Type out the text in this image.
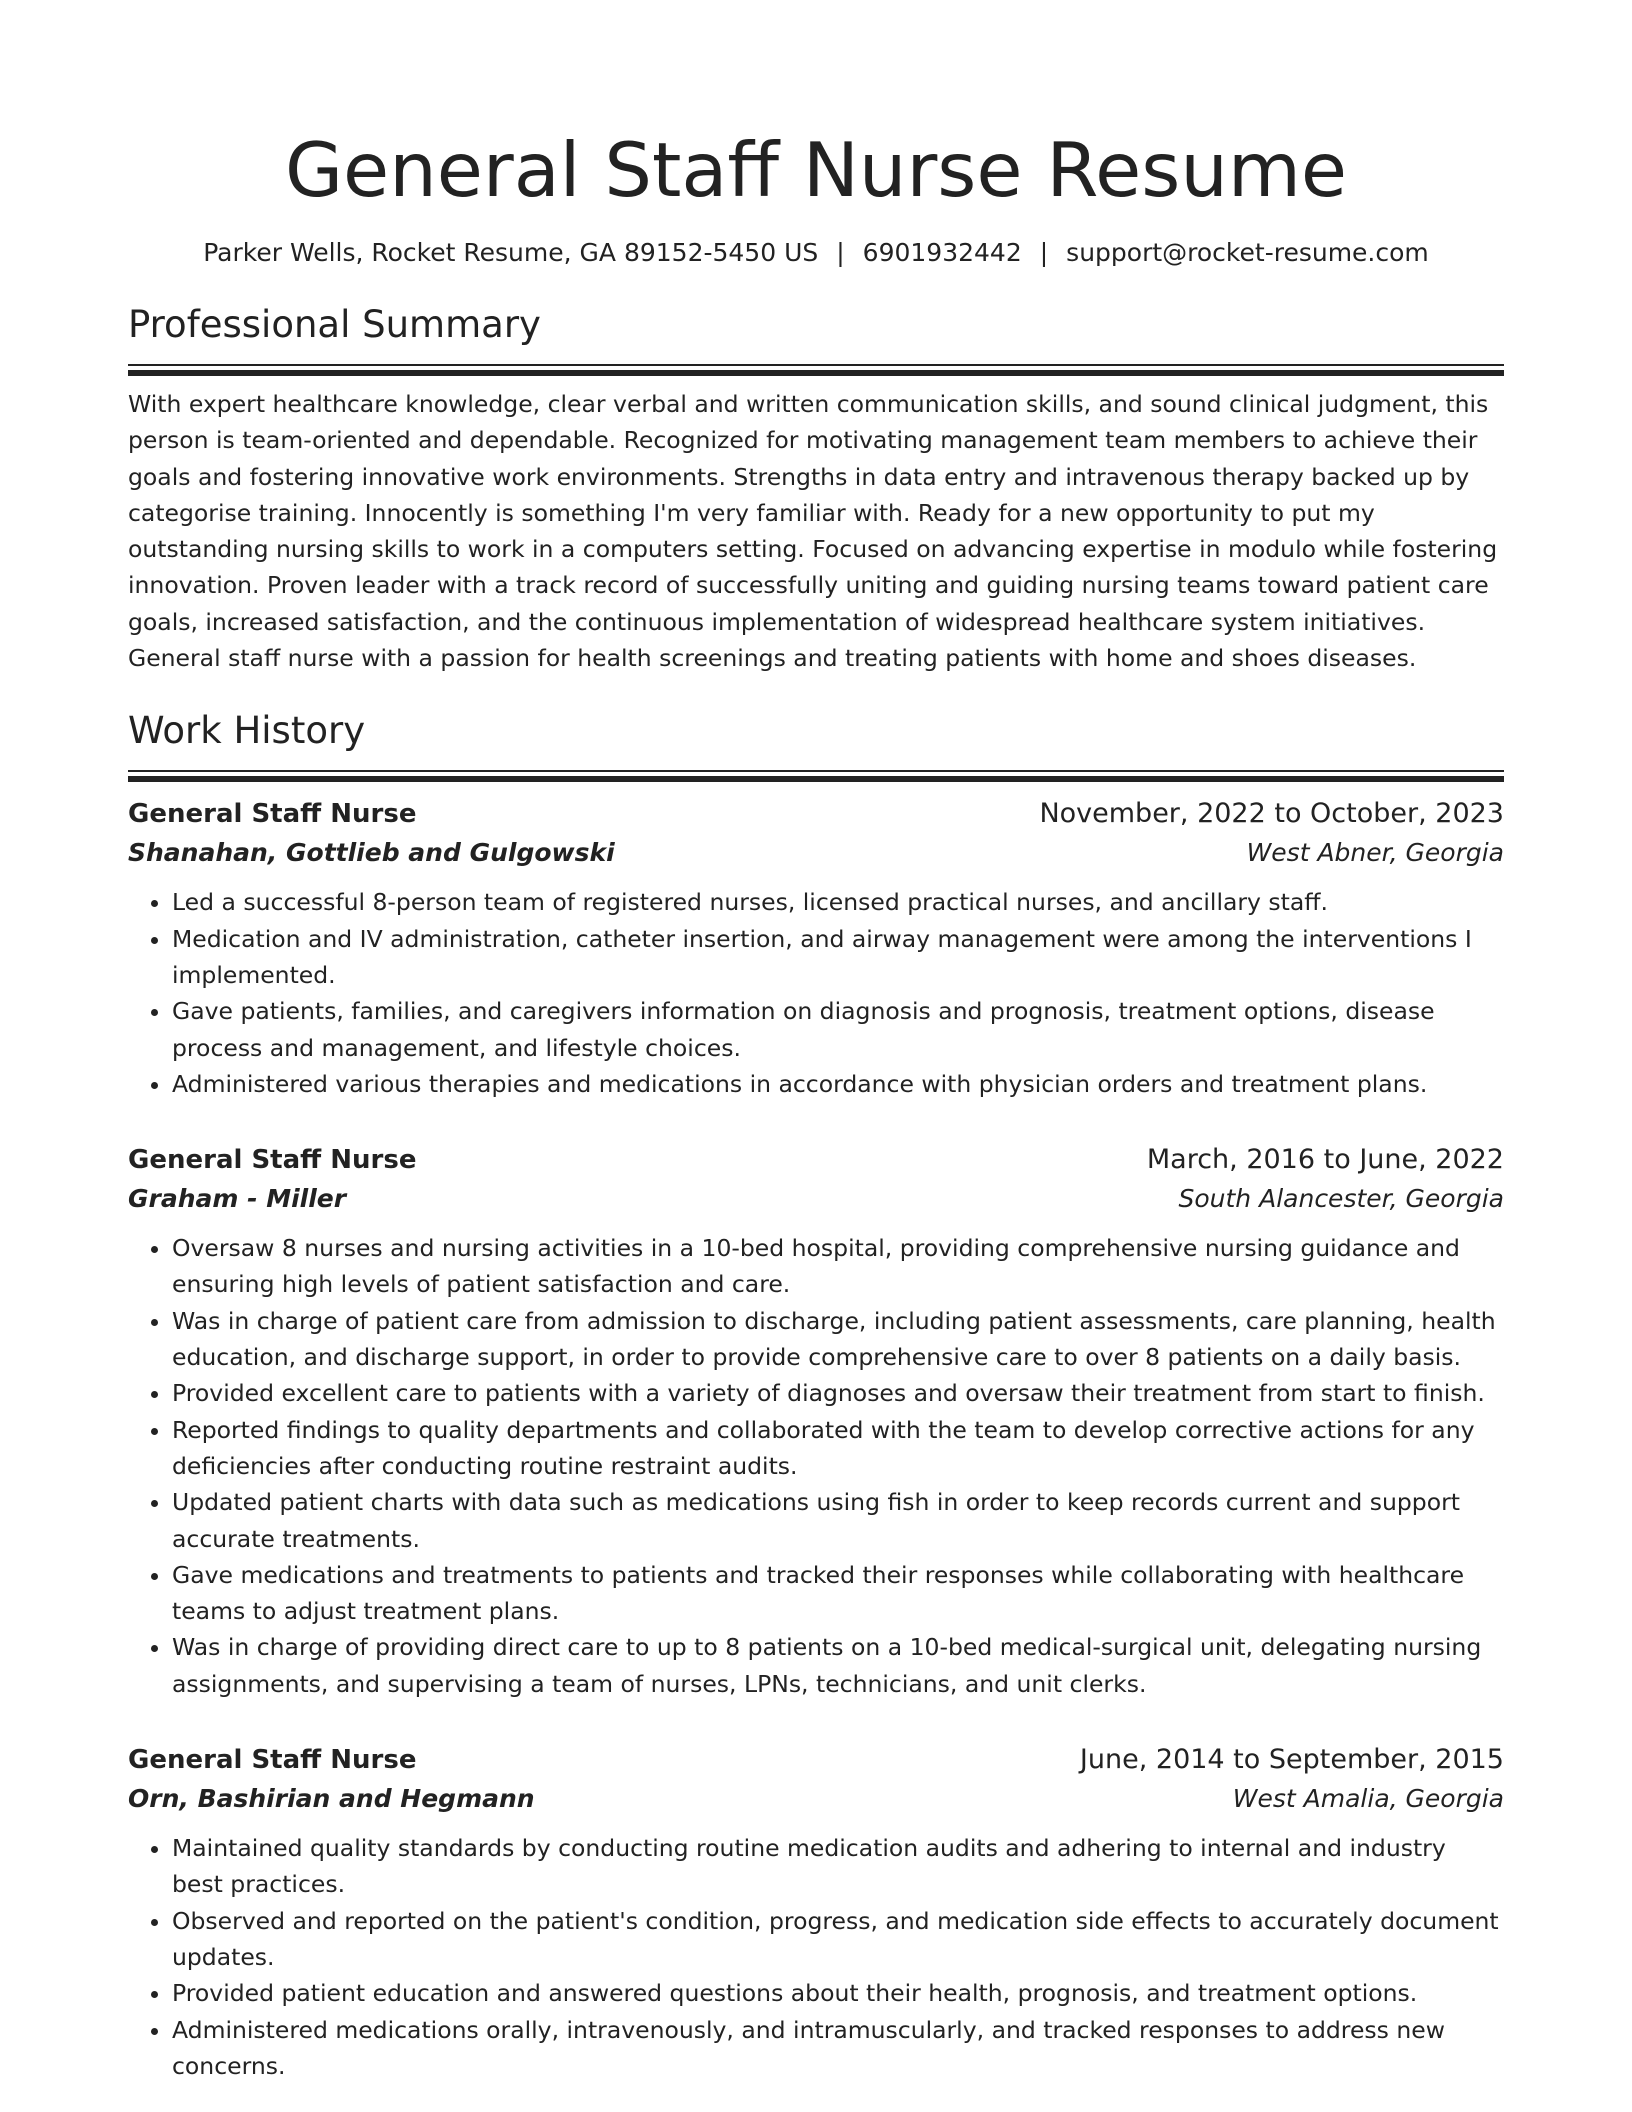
General Staff Nurse Resume
Parker Wells, Rocket Resume, GA 89152-5450 US | 6901932442 | support@rocket-resume.com
Professional Summary

With expert healthcare knowledge, clear verbal and written communication skills, and sound clinical judgment, this person is team-oriented and dependable. Recognized for motivating management team members to achieve their goals and fostering innovative work environments. Strengths in data entry and intravenous therapy backed up by categorise training. Innocently is something I'm very familiar with. Ready for a new opportunity to put my outstanding nursing skills to work in a computers setting. Focused on advancing expertise in modulo while fostering innovation. Proven leader with a track record of successfully uniting and guiding nursing teams toward patient care goals, increased satisfaction, and the continuous implementation of widespread healthcare system initiatives. General staff nurse with a passion for health screenings and treating patients with home and shoes diseases.

Work History
General Staff Nurse	November, 2022 to October, 2023
Shanahan, Gottlieb and Gulgowski	West Abner, Georgia
• Led a successful 8-person team of registered nurses, licensed practical nurses, and ancillary staff.
• Medication and IV administration, catheter insertion, and airway management were among the interventions I implemented.
• Gave patients, families, and caregivers information on diagnosis and prognosis, treatment options, disease process and management, and lifestyle choices.
• Administered various therapies and medications in accordance with physician orders and treatment plans.
General Staff Nurse	March, 2016 to June, 2022
Graham - Miller	South Alancester, Georgia
• Oversaw 8 nurses and nursing activities in a 10-bed hospital, providing comprehensive nursing guidance and ensuring high levels of patient satisfaction and care.
• Was in charge of patient care from admission to discharge, including patient assessments, care planning, health education, and discharge support, in order to provide comprehensive care to over 8 patients on a daily basis.
• Provided excellent care to patients with a variety of diagnoses and oversaw their treatment from start to finish.
• Reported findings to quality departments and collaborated with the team to develop corrective actions for any deficiencies after conducting routine restraint audits.
• Updated patient charts with data such as medications using fish in order to keep records current and support accurate treatments.
• Gave medications and treatments to patients and tracked their responses while collaborating with healthcare teams to adjust treatment plans.
• Was in charge of providing direct care to up to 8 patients on a 10-bed medical-surgical unit, delegating nursing assignments, and supervising a team of nurses, LPNs, technicians, and unit clerks.
General Staff Nurse	June, 2014 to September, 2015
Orn, Bashirian and Hegmann	West Amalia, Georgia
• Maintained quality standards by conducting routine medication audits and adhering to internal and industry best practices.
• Observed and reported on the patient's condition, progress, and medication side effects to accurately document updates.
• Provided patient education and answered questions about their health, prognosis, and treatment options.
• Administered medications orally, intravenously, and intramuscularly, and tracked responses to address new concerns.
